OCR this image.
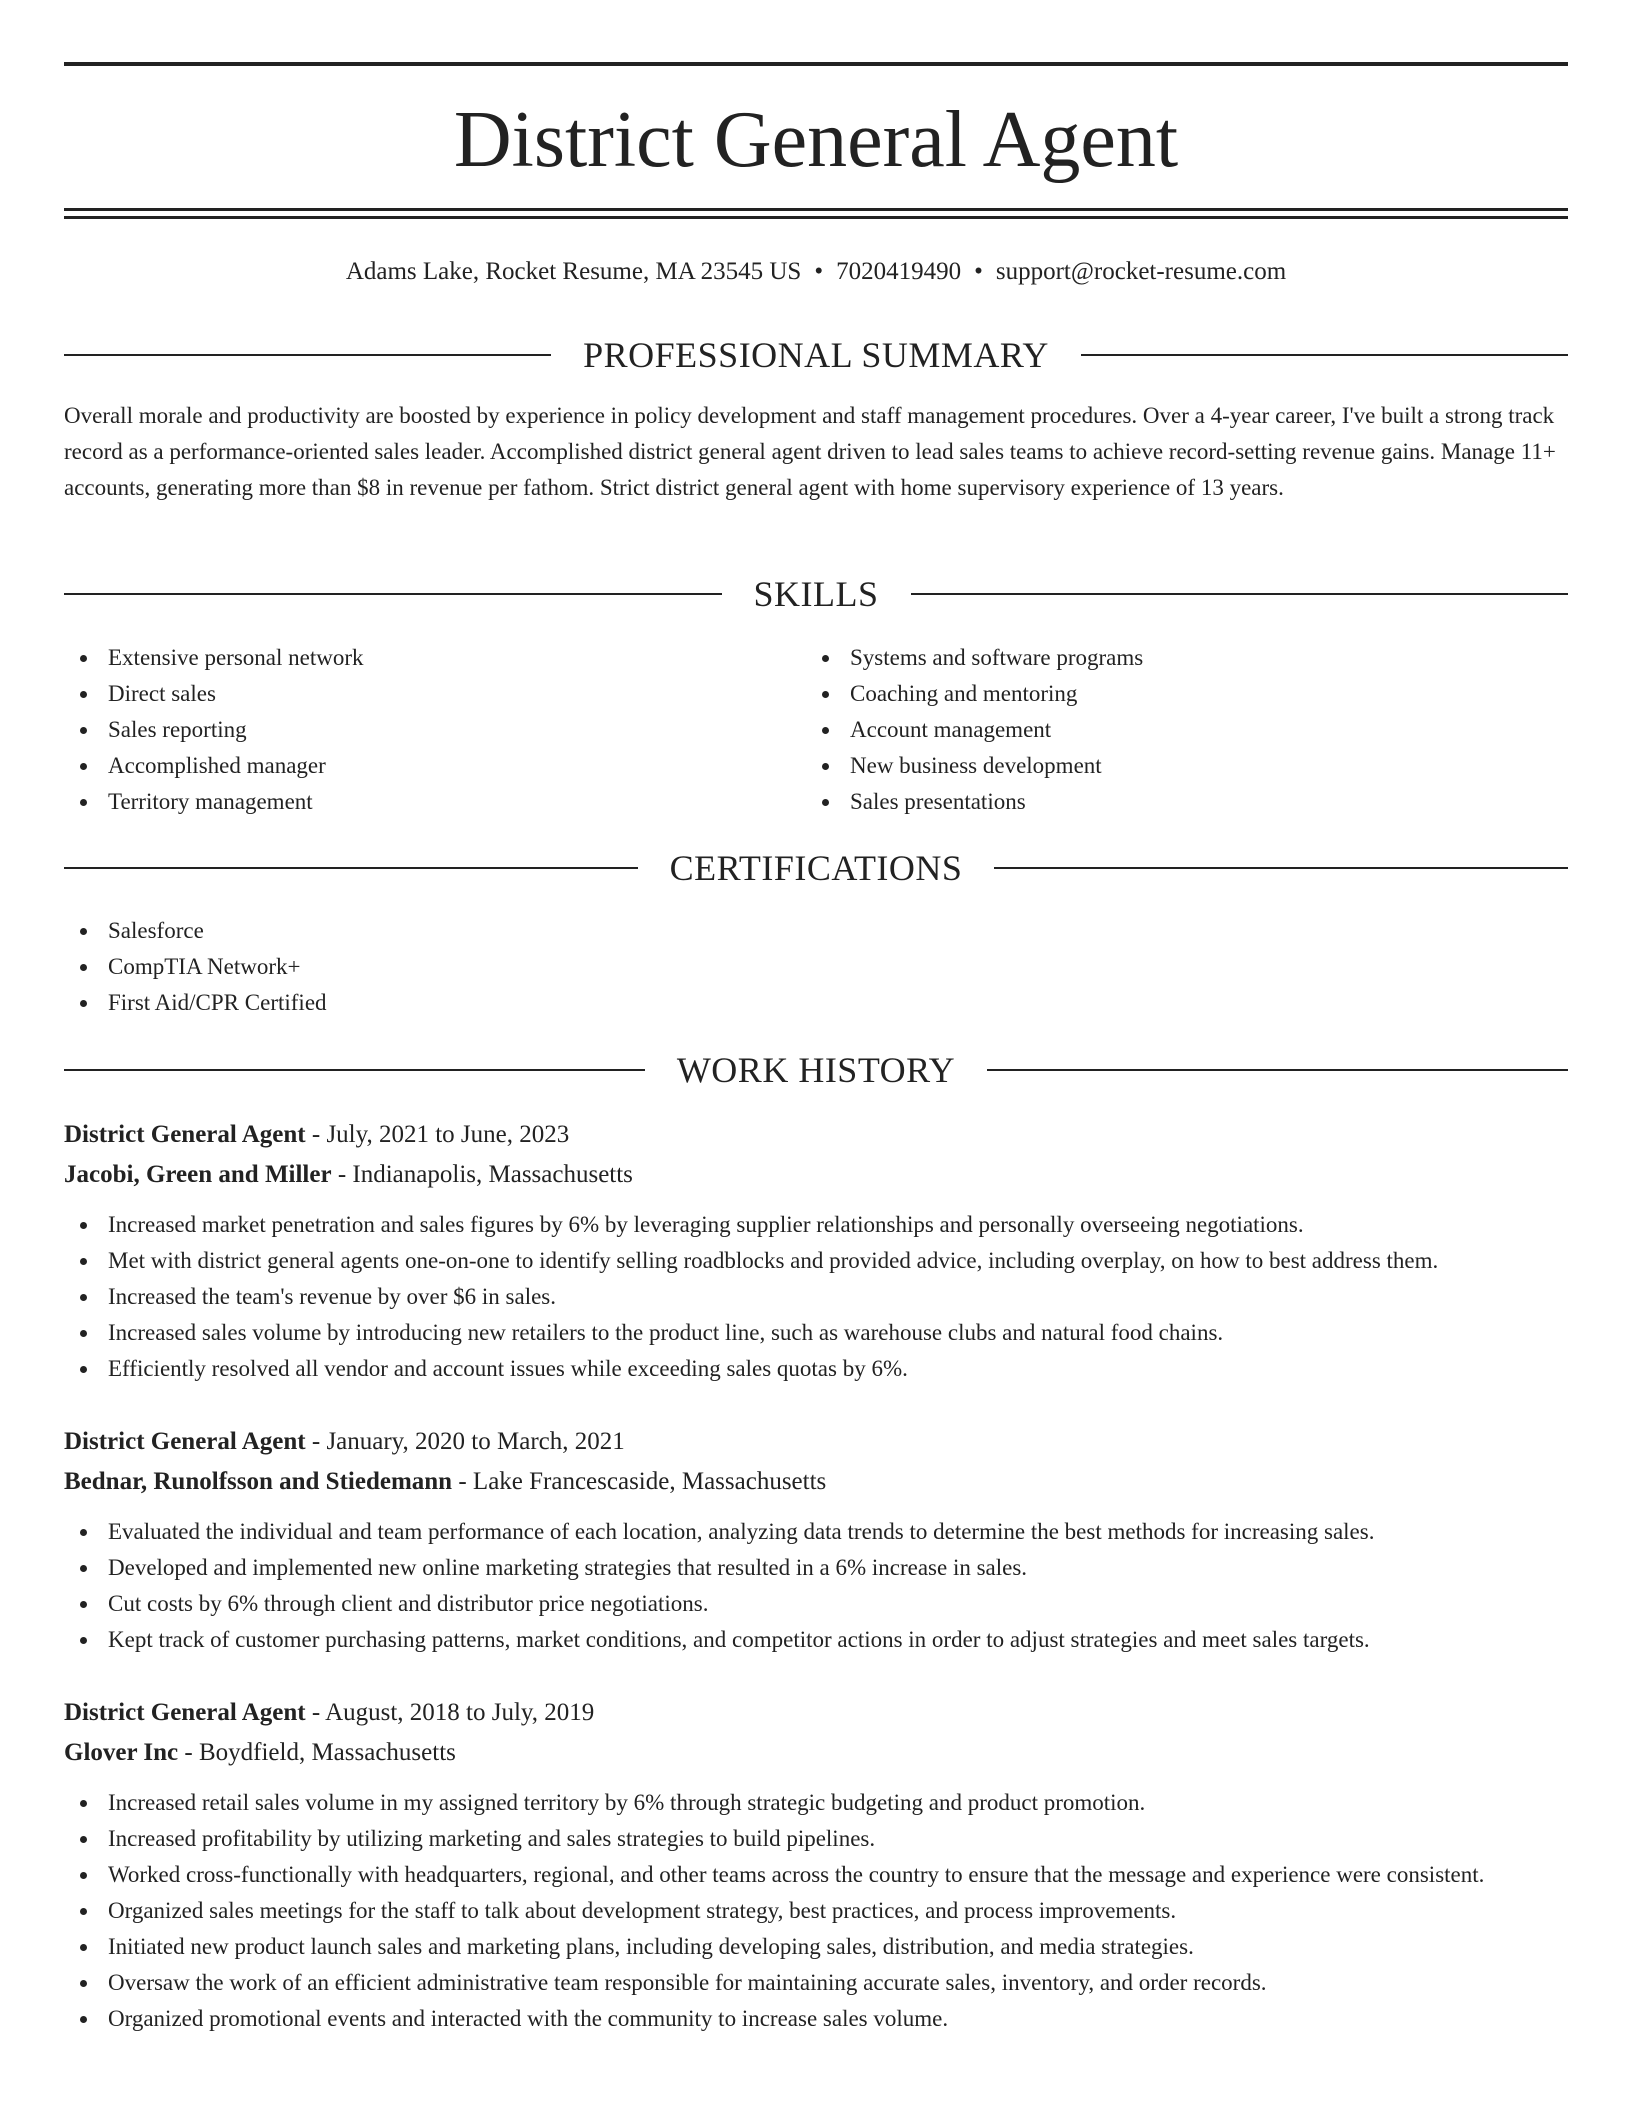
District General Agent
Adams Lake, Rocket Resume, MA 23545 US • 7020419490 • support@rocket-resume.com
PROFESSIONAL SUMMARY

Overall morale and productivity are boosted by experience in policy development and staff management procedures. Over a 4-year career, I've built a strong track record as a performance-oriented sales leader. Accomplished district general agent driven to lead sales teams to achieve record-setting revenue gains. Manage 11+ accounts, generating more than $8 in revenue per fathom. Strict district general agent with home supervisory experience of 13 years.

SKILLS
Extensive personal network
Direct sales
Sales reporting
Accomplished manager
Territory management
Systems and software programs
Coaching and mentoring
Account management
New business development
Sales presentations
CERTIFICATIONS
Salesforce
CompTIA Network+
First Aid/CPR Certified
WORK HISTORY
District General Agent - July, 2021 to June, 2023
Jacobi, Green and Miller - Indianapolis, Massachusetts
Increased market penetration and sales figures by 6% by leveraging supplier relationships and personally overseeing negotiations.
Met with district general agents one-on-one to identify selling roadblocks and provided advice, including overplay, on how to best address them.
Increased the team's revenue by over $6 in sales.
Increased sales volume by introducing new retailers to the product line, such as warehouse clubs and natural food chains.
Efficiently resolved all vendor and account issues while exceeding sales quotas by 6%.
District General Agent - January, 2020 to March, 2021
Bednar, Runolfsson and Stiedemann - Lake Francescaside, Massachusetts
Evaluated the individual and team performance of each location, analyzing data trends to determine the best methods for increasing sales.
Developed and implemented new online marketing strategies that resulted in a 6% increase in sales.
Cut costs by 6% through client and distributor price negotiations.
Kept track of customer purchasing patterns, market conditions, and competitor actions in order to adjust strategies and meet sales targets.
District General Agent - August, 2018 to July, 2019
Glover Inc - Boydfield, Massachusetts
Increased retail sales volume in my assigned territory by 6% through strategic budgeting and product promotion.
Increased profitability by utilizing marketing and sales strategies to build pipelines.
Worked cross-functionally with headquarters, regional, and other teams across the country to ensure that the message and experience were consistent.
Organized sales meetings for the staff to talk about development strategy, best practices, and process improvements.
Initiated new product launch sales and marketing plans, including developing sales, distribution, and media strategies.
Oversaw the work of an efficient administrative team responsible for maintaining accurate sales, inventory, and order records.
Organized promotional events and interacted with the community to increase sales volume.
